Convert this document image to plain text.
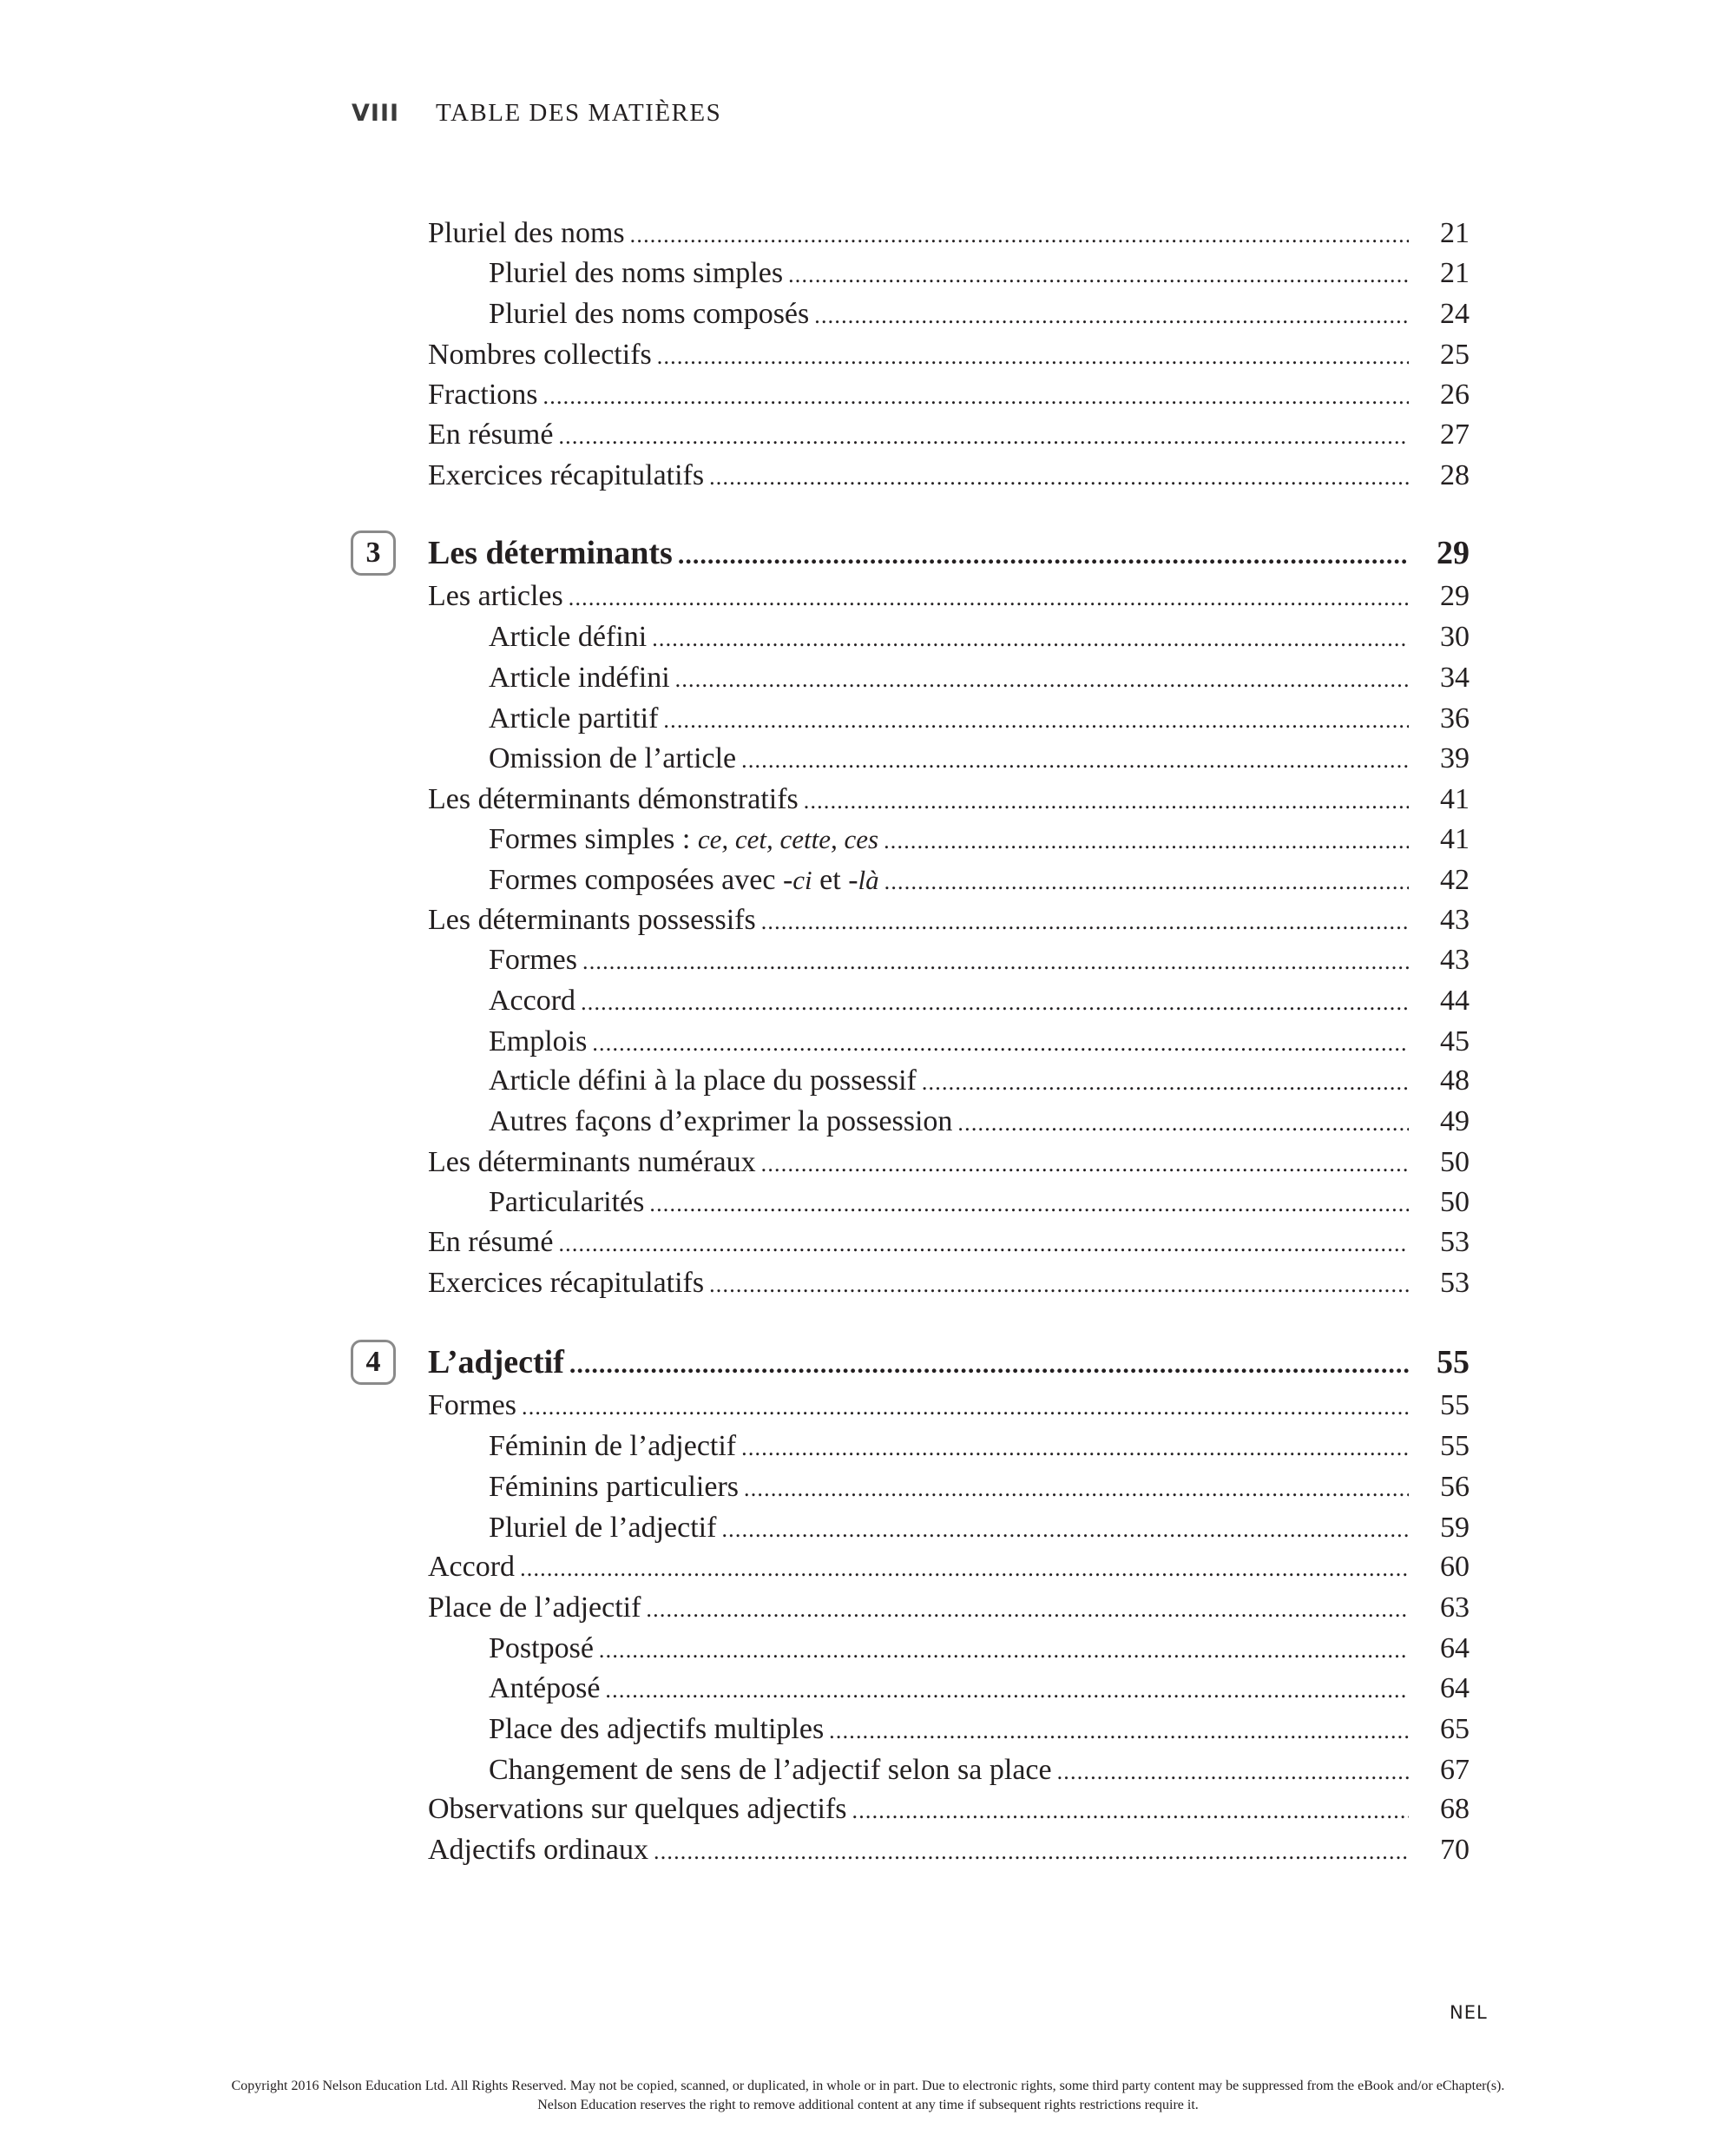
VIII TABLE DES MATIÈRES
Pluriel des noms .....	21
Pluriel des noms simples .....	21
Pluriel des noms composés .....	24
Nombres collectifs .....	25
Fractions .....	26
En résumé .....	27
Exercices récapitulatifs .....	28
Les déterminants .....	29
3
Les articles .....	29
Article défini .....	30
Article indéfini .....	34
Article partitif .....	36
Omission de l’article .....	39
Les déterminants démonstratifs .....	41
Formes simples : ce, cet, cette, ces .....	41
Formes composées avec -ci et -là .....	42
Les déterminants possessifs .....	43
Formes .....	43
Accord .....	44
Emplois .....	45
Article défini à la place du possessif .....	48
Autres façons d’exprimer la possession .....	49
Les déterminants numéraux .....	50
Particularités .....	50
En résumé .....	53
Exercices récapitulatifs .....	53
L’adjectif .....	55
4
Formes .....	55
Féminin de l’adjectif .....	55
Féminins particuliers .....	56
Pluriel de l’adjectif .....	59
Accord .....	60
Place de l’adjectif .....	63
Postposé .....	64
Antéposé .....	64
Place des adjectifs multiples .....	65
Changement de sens de l’adjectif selon sa place .....	67
Observations sur quelques adjectifs .....	68
Adjectifs ordinaux .....	70
NEL
Copyright 2016 Nelson Education Ltd. All Rights Reserved. May not be copied, scanned, or duplicated, in whole or in part. Due to electronic rights, some third party content may be suppressed from the eBook and/or eChapter(s).
Nelson Education reserves the right to remove additional content at any time if subsequent rights restrictions require it.
